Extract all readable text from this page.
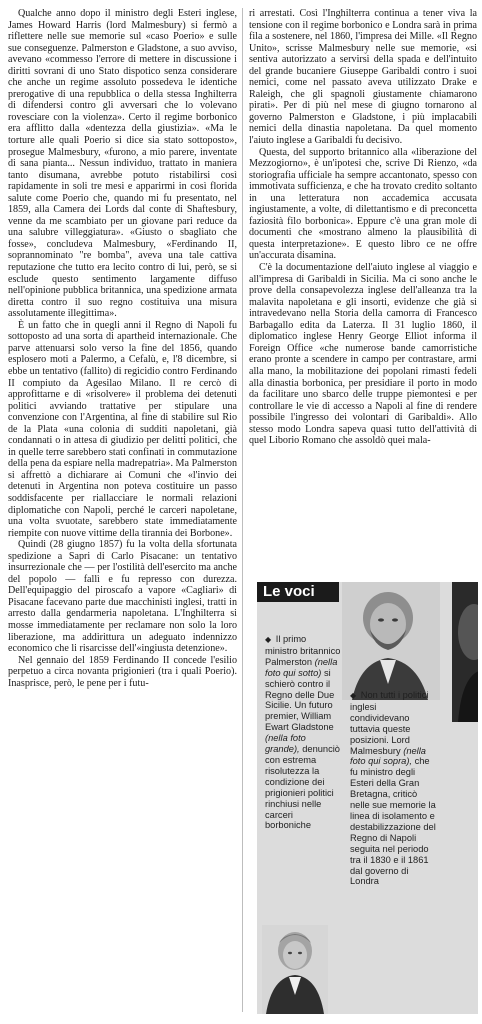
Qualche anno dopo il ministro degli Esteri inglese, James Howard Harris (lord Malmesbury) si fermò a riflettere nelle sue memorie sul «caso Poerio» e sulle sue conseguenze. Palmerston e Gladstone, a suo avviso, avevano «commesso l'errore di mettere in discussione i diritti sovrani di uno Stato dispotico senza considerare che anche un regime assoluto possedeva le identiche prerogative di una repubblica o della stessa Inghilterra di difendersi contro gli avversari che lo volevano rovesciare con la violenza». Certo il regime borbonico era afflitto dalla «dentezza della giustizia». «Ma le torture alle quali Poerio si dice sia stato sottoposto», prosegue Malmesbury, «furono, a mio parere, inventate di sana pianta... Nessun individuo, trattato in maniera tanto disumana, avrebbe potuto ristabilirsi così rapidamente in soli tre mesi e apparirmi in così florida salute come Poerio che, quando mi fu presentato, nel 1859, alla Camera dei Lords dal conte di Shaftesbury, venne da me scambiato per un giovane pari reduce da una salubre villeggiatura». «Giusto o sbagliato che fosse», concludeva Malmesbury, «Ferdinando II, soprannominato "re bomba", aveva una tale cattiva reputazione che tutto era lecito contro di lui, però, se si esclude questo sentimento largamente diffuso nell'opinione pubblica britannica, una spedizione armata diretta contro il suo regno costituiva una misura assolutamente illegittima».

È un fatto che in quegli anni il Regno di Napoli fu sottoposto ad una sorta di apartheid internazionale. Che parve attenuarsi solo verso la fine del 1856, quando esplosero moti a Palermo, a Cefalù, e, l'8 dicembre, si ebbe un tentativo (fallito) di regicidio contro Ferdinando II compiuto da Agesilao Milano. Il re cercò di approfittarne e di «risolvere» il problema dei detenuti politici avviando trattative per stipulare una convenzione con l'Argentina, al fine di stabilire sul Rio de la Plata «una colonia di sudditi napoletani, già condannati o in attesa di giudizio per delitti politici, che in quelle terre sarebbero stati confinati in commutazione della pena da espiare nella madrepatria». Ma Palmerston si affrettò a dichiarare ai Comuni che «l'invio dei detenuti in Argentina non poteva costituire un passo soddisfacente per riallacciare le normali relazioni diplomatiche con Napoli, perché le carceri napoletane, una volta svuotate, sarebbero state immediatamente riempite con nuove vittime della tirannia dei Borbone».

Quindi (28 giugno 1857) fu la volta della sfortunata spedizione a Sapri di Carlo Pisacane: un tentativo insurrezionale che — per l'ostilità dell'esercito ma anche del popolo — fallì e fu represso con durezza. Dell'equipaggio del piroscafo a vapore «Cagliari» di Pisacane facevano parte due macchinisti inglesi, tratti in arresto dalla gendarmeria napoletana. L'Inghilterra si mosse immediatamente per reclamare non solo la loro liberazione, ma addirittura un adeguato indennizzo economico che li risarcisse dell'«ingiusta detenzione».

Nel gennaio del 1859 Ferdinando II concede l'esilio perpetuo a circa novanta prigionieri (tra i quali Poerio). Inasprisce, però, le pene per i futu-

ri arrestati. Così l'Inghilterra continua a tener viva la tensione con il regime borbonico e Londra sarà in prima fila a sostenere, nel 1860, l'impresa dei Mille. «Il Regno Unito», scrisse Malmesbury nelle sue memorie, «si sentiva autorizzato a servirsi della spada e dell'intuito del grande bucaniere Giuseppe Garibaldi contro i suoi nemici, come nel passato aveva utilizzato Drake e Raleigh, che gli spagnoli giustamente chiamarono pirati». Per di più nel mese di giugno tornarono al governo Palmerston e Gladstone, i più implacabili nemici della dinastia napoletana. Da quel momento l'aiuto inglese a Garibaldi fu decisivo.

Questa, del supporto britannico alla «liberazione del Mezzogiorno», è un'ipotesi che, scrive Di Rienzo, «da storiografia ufficiale ha sempre accantonato, spesso con immotivata sufficienza, e che ha trovato credito soltanto in una letteratura non accademica accusata ingiustamente, a volte, di dilettantismo e di preconcetta faziosità filo borbonica». Eppure c'è una gran mole di documenti che «mostrano almeno la plausibilità di questa interpretazione». E questo libro ce ne offre un'accurata disamina.

C'è la documentazione dell'aiuto inglese al viaggio e all'impresa di Garibaldi in Sicilia. Ma ci sono anche le prove della consapevolezza inglese dell'alleanza tra la malavita napoletana e gli insorti, evidenze che già si intravedevano nella Storia della camorra di Francesco Barbagallo edita da Laterza. Il 31 luglio 1860, il diplomatico inglese Henry George Elliot informa il Foreign Office «che numerose bande camorristiche erano pronte a scendere in campo per contrastare, armi alla mano, la mobilitazione dei popolani rimasti fedeli alla dinastia borbonica, per presidiare il porto in modo da facilitare uno sbarco delle truppe piemontesi e per controllare le vie di accesso a Napoli al fine di rendere possibile l'ingresso dei volontari di Garibaldi». Allo stesso modo Londra sapeva quasi tutto dell'attività di quel Liborio Romano che assoldò quei mala-

Le voci
◆ Il primo ministro britannico Palmerston (nella foto qui sotto) si schierò contro il Regno delle Due Sicilie. Un futuro premier, William Ewart Gladstone (nella foto grande), denunciò con estrema risolutezza la condizione dei prigionieri politici rinchiusi nelle carceri borboniche
◆ Non tutti i politici inglesi condividevano tuttavia queste posizioni. Lord Malmesbury (nella foto qui sopra), che fu ministro degli Esteri della Gran Bretagna, criticò nelle sue memorie la linea di isolamento e destabilizzazione del Regno di Napoli seguita nel periodo tra il 1830 e il 1861 dal governo di Londra
